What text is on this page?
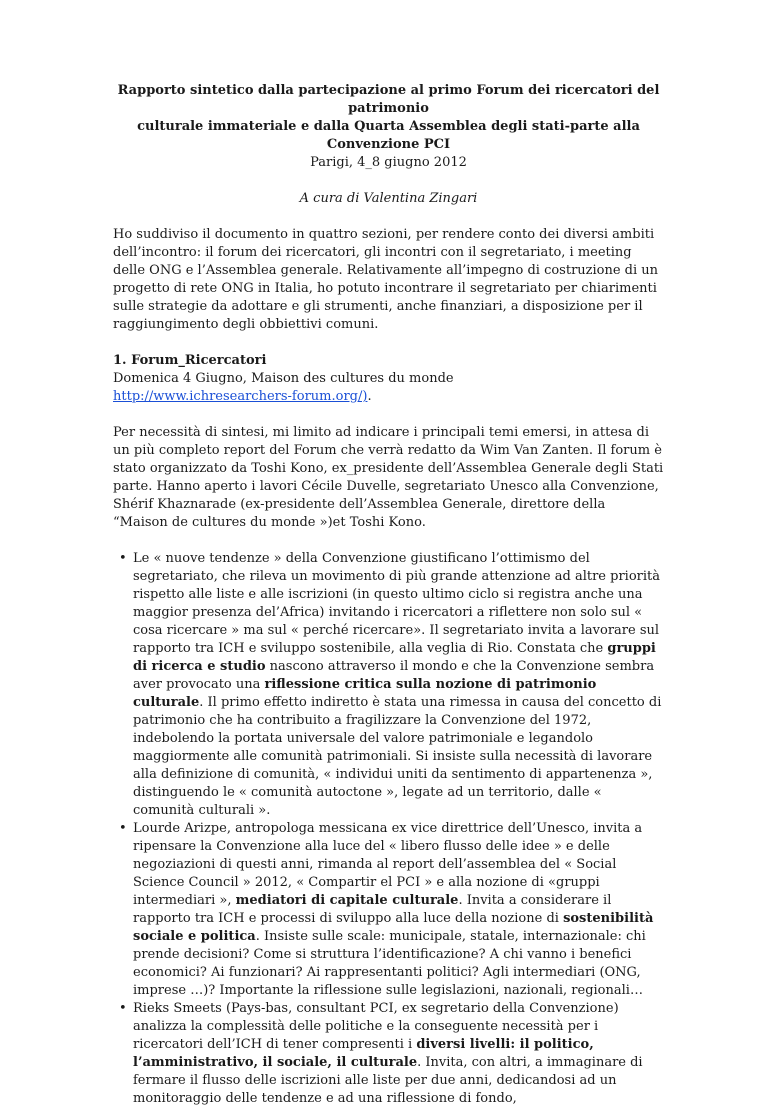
Rapporto sintetico dalla partecipazione al primo Forum dei ricercatori del patrimonio

culturale immateriale e dalla Quarta Assemblea degli stati-parte alla Convenzione PCI

Parigi, 4_8 giugno 2012

A cura di Valentina Zingari

Ho suddiviso il documento in quattro sezioni, per rendere conto dei diversi ambiti dell’incontro: il forum dei ricercatori, gli incontri con il segretariato, i meeting delle ONG e l’Assemblea generale. Relativamente all’impegno di costruzione di un progetto di rete ONG in Italia, ho potuto incontrare il segretariato per chiarimenti sulle strategie da adottare e gli strumenti, anche finanziari, a disposizione per il raggiungimento degli obbiettivi comuni.

1. Forum_Ricercatori

Domenica 4 Giugno, Maison des cultures du monde

http://www.ichresearchers-forum.org/).

Per necessità di sintesi, mi limito ad indicare i principali temi emersi, in attesa di un più completo report del Forum che verrà redatto da Wim Van Zanten. Il forum è stato organizzato da Toshi Kono, ex_presidente dell’Assemblea Generale degli Stati parte. Hanno aperto i lavori Cécile Duvelle, segretariato Unesco alla Convenzione, Shérif Khaznarade (ex-presidente dell’Assemblea Generale, direttore della “Maison de cultures du monde »)et Toshi Kono.

• Le « nuove tendenze » della Convenzione giustificano l’ottimismo del segretariato, che rileva un movimento di più grande attenzione ad altre priorità rispetto alle liste e alle iscrizioni (in questo ultimo ciclo si registra anche una maggior presenza del’Africa) invitando i ricercatori a riflettere non solo sul « cosa ricercare » ma sul « perché ricercare». Il segretariato invita a lavorare sul rapporto tra ICH e sviluppo sostenibile, alla veglia di Rio. Constata che gruppi di ricerca e studio nascono attraverso il mondo e che la Convenzione sembra aver provocato una riflessione critica sulla nozione di patrimonio culturale. Il primo effetto indiretto è stata una rimessa in causa del concetto di patrimonio che ha contribuito a fragilizzare la Convenzione del 1972, indebolendo la portata universale del valore patrimoniale e legandolo maggiormente alle comunità patrimoniali. Si insiste sulla necessità di lavorare alla definizione di comunità, « individui uniti da sentimento di appartenenza », distinguendo le « comunità autoctone », legate ad un territorio, dalle « comunità culturali ».
• Lourde Arizpe, antropologa messicana ex vice direttrice dell’Unesco, invita a ripensare la Convenzione alla luce del « libero flusso delle idee » e delle negoziazioni di questi anni, rimanda al report dell’assemblea del « Social Science Council » 2012, « Compartir el PCI » e alla nozione di «gruppi intermediari », mediatori di capitale culturale. Invita a considerare il rapporto tra ICH e processi di sviluppo alla luce della nozione di sostenibilità sociale e politica. Insiste sulle scale: municipale, statale, internazionale: chi prende decisioni? Come si struttura l’identificazione? A chi vanno i benefici economici? Ai funzionari? Ai rappresentanti politici? Agli intermediari (ONG, imprese …)? Importante la riflessione sulle legislazioni, nazionali, regionali…
• Rieks Smeets (Pays-bas, consultant PCI, ex segretario della Convenzione) analizza la complessità delle politiche e la conseguente necessità per i ricercatori dell’ICH di tener compresenti i diversi livelli: il politico, l’amministrativo, il sociale, il culturale. Invita, con altri, a immaginare di fermare il flusso delle iscrizioni alle liste per due anni, dedicandosi ad un monitoraggio delle tendenze e ad una riflessione di fondo,
